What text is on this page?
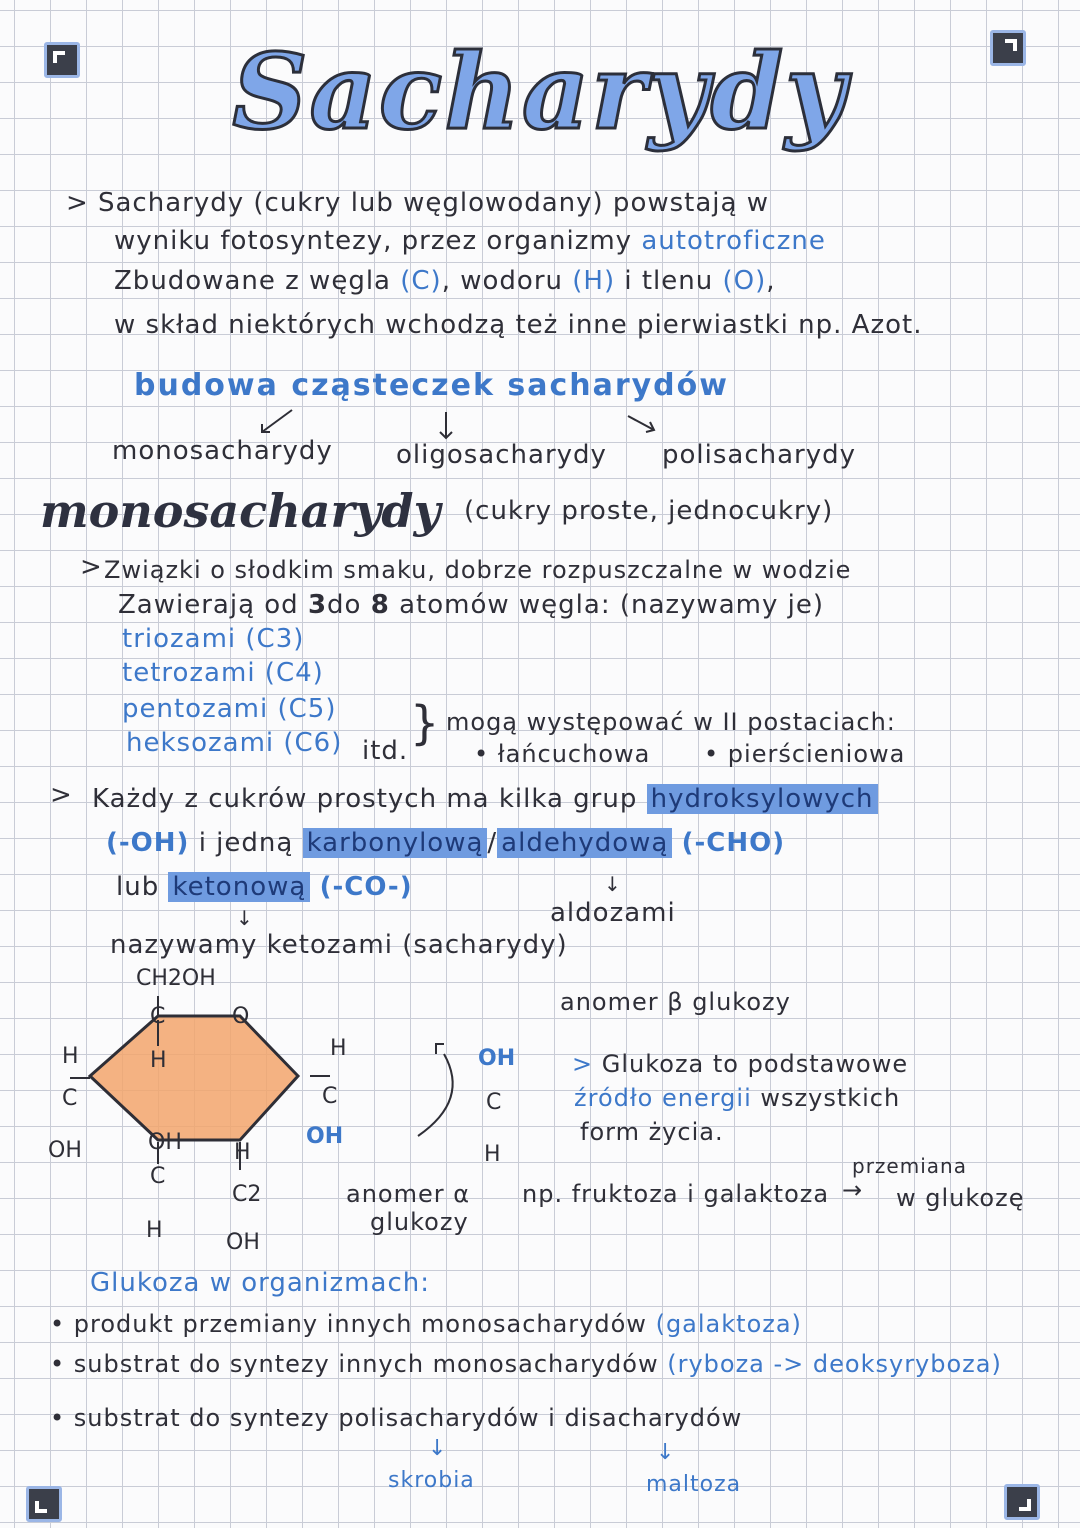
Sacharydy
> Sacharydy (cukry lub węglowodany) powstają w
wyniku fotosyntezy, przez organizmy autotroficzne
Zbudowane z węgla (C), wodoru (H) i tlenu (O),
w skład niektórych wchodzą też inne pierwiastki np. Azot.
budowa cząsteczek sacharydów
monosacharydy oligosacharydy polisacharydy
monosacharydy (cukry proste, jednocukry)
> Związki o słodkim smaku, dobrze rozpuszczalne w wodzie
Zawierają od 3do 8 atomów węgla: (nazywamy je)
triozami (C3)
tetrozami (C4)
pentozami (C5)
heksozami (C6) itd.
} mogą występować w II postaciach:
• łańcuchowa • pierścieniowa
> Każdy z cukrów prostych ma kilka grup hydroksylowych
(-OH) i jedną karbonylową / aldehydową (-CHO)
lub ketonową (-CO-)	↓
aldozami
↓
nazywamy ketozami (sacharydy)
CH2OH
C	O
H
H
C
OH
H
C
OH
OH
C
H
H
C2
OH
OH
C
H
anomer β glukozy
anomer α
glukozy
> Glukoza to podstawowe
źródło energii wszystkich
form życia.
np. fruktoza i galaktoza →
przemiana
w glukozę
Glukoza w organizmach:
• produkt przemiany innych monosacharydów (galaktoza)
• substrat do syntezy innych monosacharydów (ryboza -> deoksyryboza)
• substrat do syntezy polisacharydów i disacharydów
↓
skrobia
↓
maltoza
